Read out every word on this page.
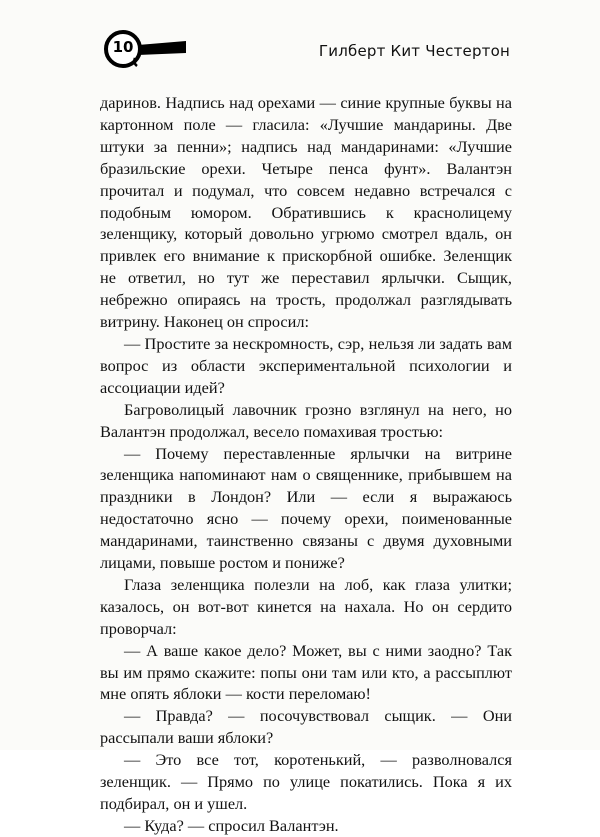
10	Гилберт Кит Честертон

даринов. Надпись над орехами — синие крупные буквы на картонном поле — гласила: «Лучшие мандарины. Две штуки за пенни»; надпись над мандаринами: «Лучшие бразильские орехи. Четыре пенса фунт». Валантэн прочитал и подумал, что совсем недавно встречался с подобным юмором. Обратившись к краснолицему зеленщику, который довольно угрюмо смотрел вдаль, он привлек его внимание к прискорбной ошибке. Зеленщик не ответил, но тут же переставил ярлычки. Сыщик, небрежно опираясь на трость, продолжал разглядывать витрину. Наконец он спросил:

— Простите за нескромность, сэр, нельзя ли задать вам вопрос из области экспериментальной психологии и ассоциации идей?

Багроволицый лавочник грозно взглянул на него, но Валантэн продолжал, весело помахивая тростью:

— Почему переставленные ярлычки на витрине зеленщика напоминают нам о священнике, прибывшем на праздники в Лондон? Или — если я выражаюсь недостаточно ясно — почему орехи, поименованные мандаринами, таинственно связаны с двумя духовными лицами, повыше ростом и пониже?

Глаза зеленщика полезли на лоб, как глаза улитки; казалось, он вот-вот кинется на нахала. Но он сердито проворчал:

— А ваше какое дело? Может, вы с ними заодно? Так вы им прямо скажите: попы они там или кто, а рассыплют мне опять яблоки — кости переломаю!

— Правда? — посочувствовал сыщик. — Они рассыпали ваши яблоки?

— Это все тот, коротенький, — разволновался зеленщик. — Прямо по улице покатились. Пока я их подбирал, он и ушел.

— Куда? — спросил Валантэн.
